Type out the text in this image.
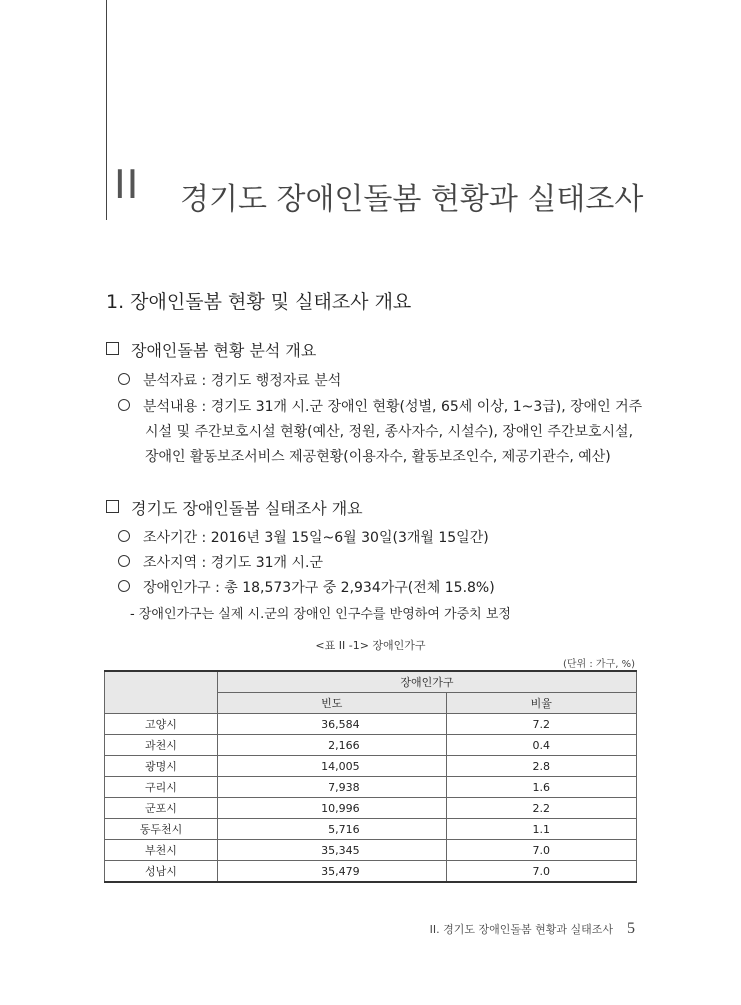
II 경기도 장애인돌봄 현황과 실태조사
1. 장애인돌봄 현황 및 실태조사 개요
장애인돌봄 현황 분석 개요
분석자료 : 경기도 행정자료 분석
분석내용 : 경기도 31개 시.군 장애인 현황(성별, 65세 이상, 1~3급), 장애인 거주
시설 및 주간보호시설 현황(예산, 정원, 종사자수, 시설수), 장애인 주간보호시설,
장애인 활동보조서비스 제공현황(이용자수, 활동보조인수, 제공기관수, 예산)
경기도 장애인돌봄 실태조사 개요
조사기간 : 2016년 3월 15일~6월 30일(3개월 15일간)
조사지역 : 경기도 31개 시.군
장애인가구 : 총 18,573가구 중 2,934가구(전체 15.8%)
- 장애인가구는 실제 시.군의 장애인 인구수를 반영하여 가중치 보정
<표 II -1> 장애인가구
(단위 : 가구, %)
	장애인가구	
	빈도	비율
고양시	36,584	7.2
과천시	2,166	0.4
광명시	14,005	2.8
구리시	7,938	1.6
군포시	10,996	2.2
동두천시	5,716	1.1
부천시	35,345	7.0
성남시	35,479	7.0
II. 경기도 장애인돌봄 현황과 실태조사 5
